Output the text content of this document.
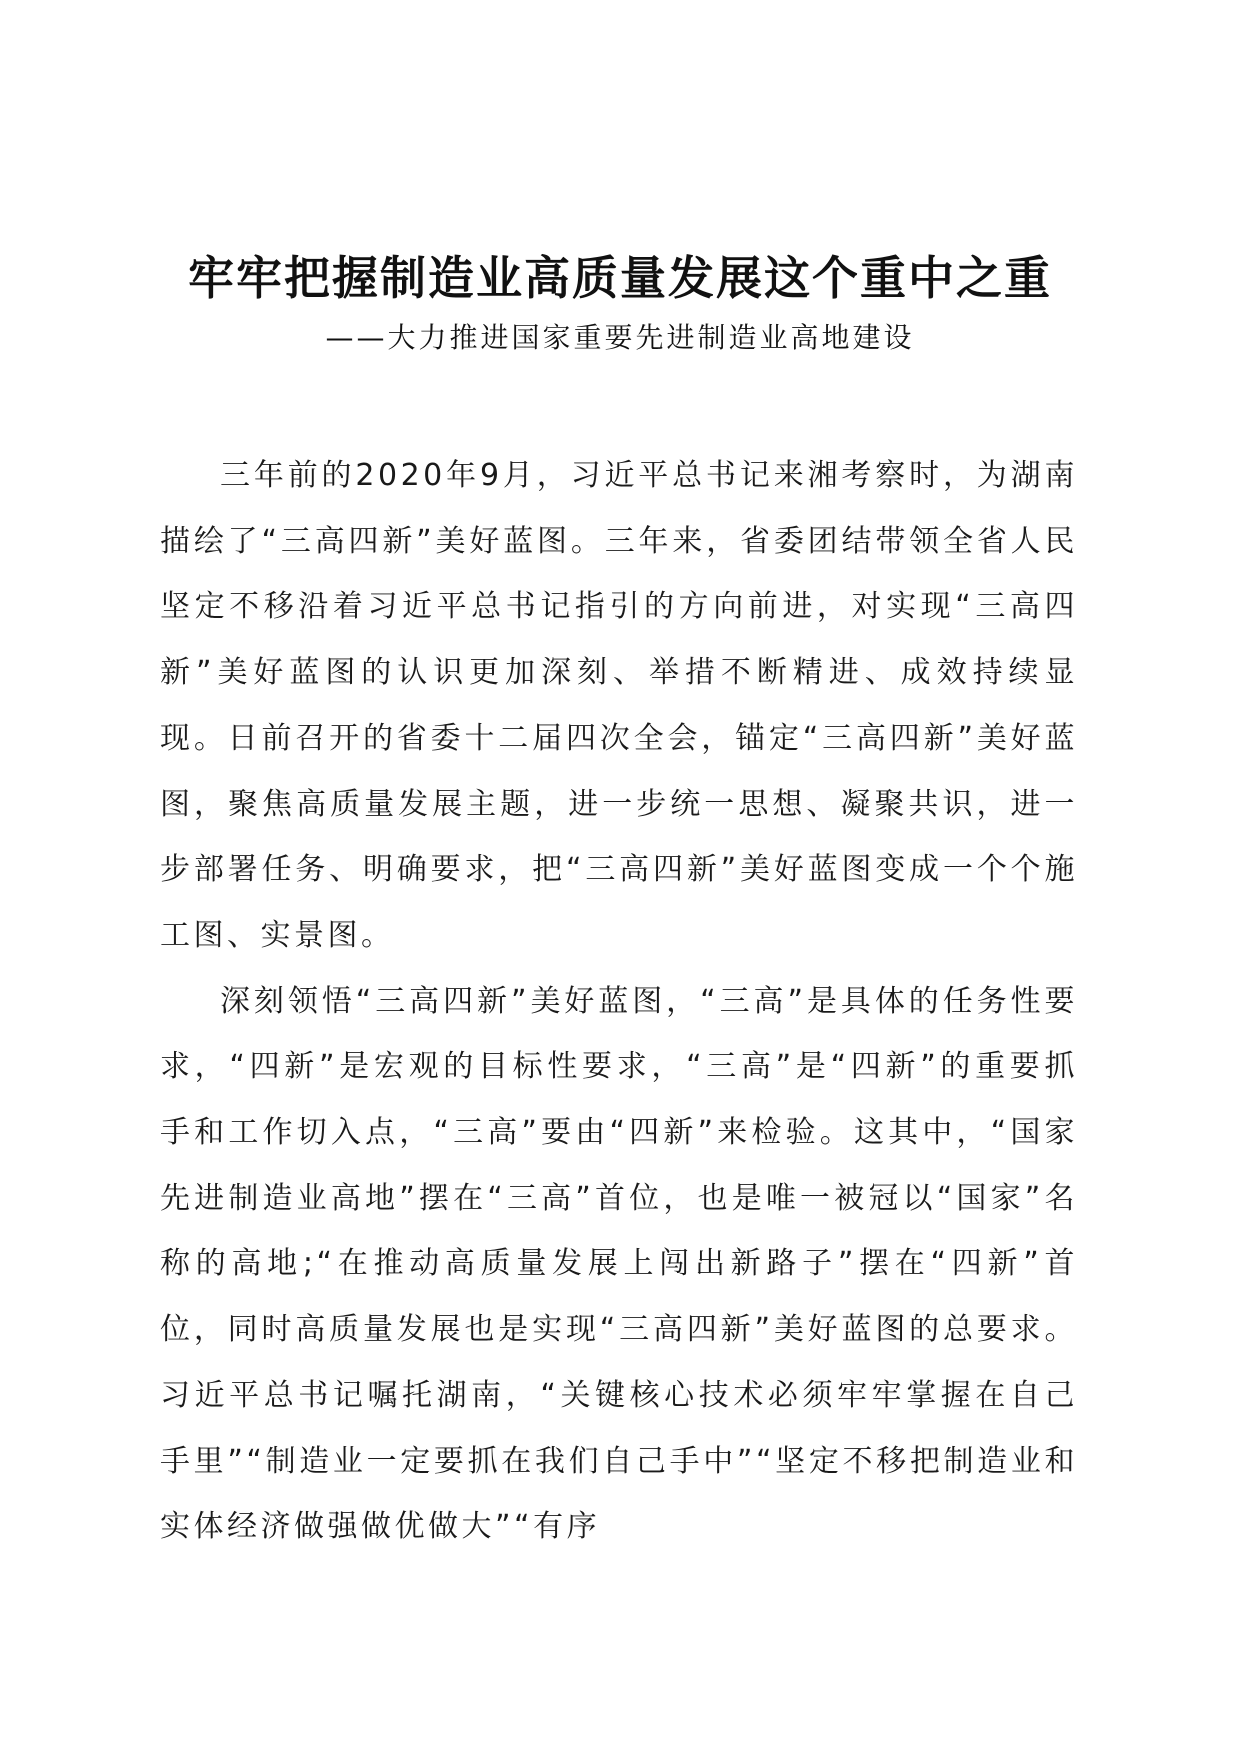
牢牢把握制造业高质量发展这个重中之重
——大力推进国家重要先进制造业高地建设

三年前的2020年9月，习近平总书记来湘考察时，为湖南描绘了“三高四新”美好蓝图。三年来，省委团结带领全省人民坚定不移沿着习近平总书记指引的方向前进，对实现“三高四新”美好蓝图的认识更加深刻、举措不断精进、成效持续显现。日前召开的省委十二届四次全会，锚定“三高四新”美好蓝图，聚焦高质量发展主题，进一步统一思想、凝聚共识，进一步部署任务、明确要求，把“三高四新”美好蓝图变成一个个施工图、实景图。

深刻领悟“三高四新”美好蓝图，“三高”是具体的任务性要求，“四新”是宏观的目标性要求，“三高”是“四新”的重要抓手和工作切入点，“三高”要由“四新”来检验。这其中，“国家先进制造业高地”摆在“三高”首位，也是唯一被冠以“国家”名称的高地;“在推动高质量发展上闯出新路子”摆在“四新”首位，同时高质量发展也是实现“三高四新”美好蓝图的总要求。习近平总书记嘱托湖南，“关键核心技术必须牢牢掌握在自己手里”“制造业一定要抓在我们自己手中”“坚定不移把制造业和实体经济做强做优做大”“有序
